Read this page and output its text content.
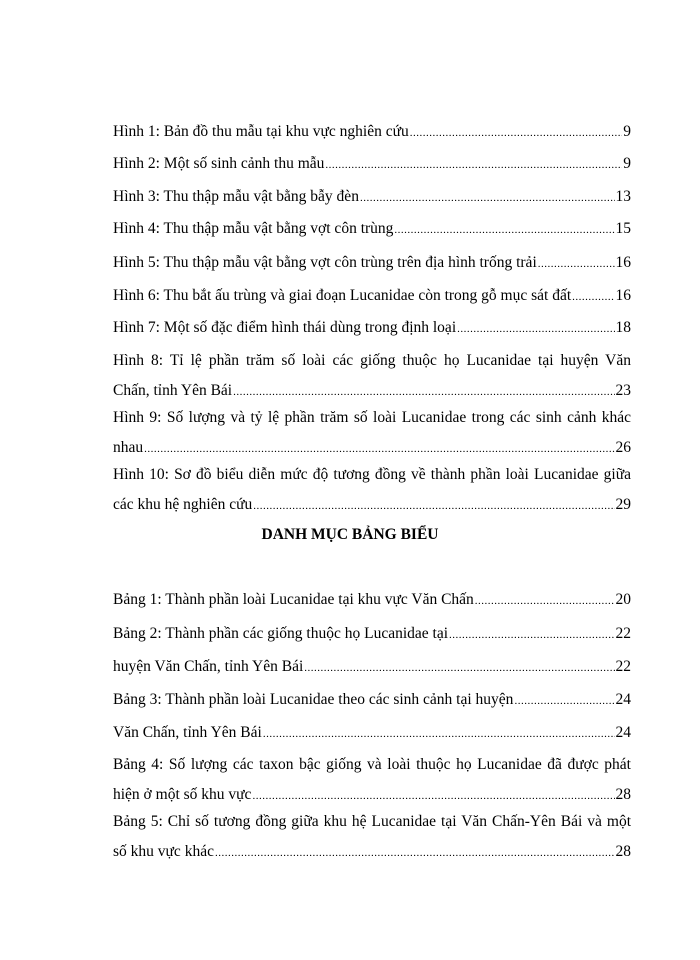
Hình 1: Bản đồ thu mẫu tại khu vực nghiên cứu .....	9
Hình 2: Một số sinh cảnh thu mẫu .....	9
Hình 3: Thu thập mẫu vật bằng bẫy đèn .....	13
Hình 4: Thu thập mẫu vật bằng vợt côn trùng .....	15
Hình 5: Thu thập mẫu vật bằng vợt côn trùng trên địa hình trống trải .....	16
Hình 6: Thu bắt ấu trùng và giai đoạn Lucanidae còn trong gỗ mục sát đất .....	16
Hình 7: Một số đặc điểm hình thái dùng trong định loại .....	18
Hình 8: Tỉ lệ phần trăm số loài các giống thuộc họ Lucanidae tại huyện Văn
Chấn, tỉnh Yên Bái .....	23
Hình 9: Số lượng và tỷ lệ phần trăm số loài Lucanidae trong các sinh cảnh khác
nhau .....	26
Hình 10: Sơ đồ biểu diễn mức độ tương đồng về thành phần loài Lucanidae giữa
các khu hệ nghiên cứu .....	29
DANH MỤC BẢNG BIỂU
Bảng 1: Thành phần loài Lucanidae tại khu vực Văn Chấn .....	20
Bảng 2: Thành phần các giống thuộc họ Lucanidae tại .....	22
huyện Văn Chấn, tỉnh Yên Bái .....	22
Bảng 3: Thành phần loài Lucanidae theo các sinh cảnh tại huyện .....	24
Văn Chấn, tỉnh Yên Bái .....	24
Bảng 4: Số lượng các taxon bậc giống và loài thuộc họ Lucanidae đã được phát
hiện ở một số khu vực .....	28
Bảng 5: Chỉ số tương đồng giữa khu hệ Lucanidae tại Văn Chấn-Yên Bái và một
số khu vực khác .....	28
